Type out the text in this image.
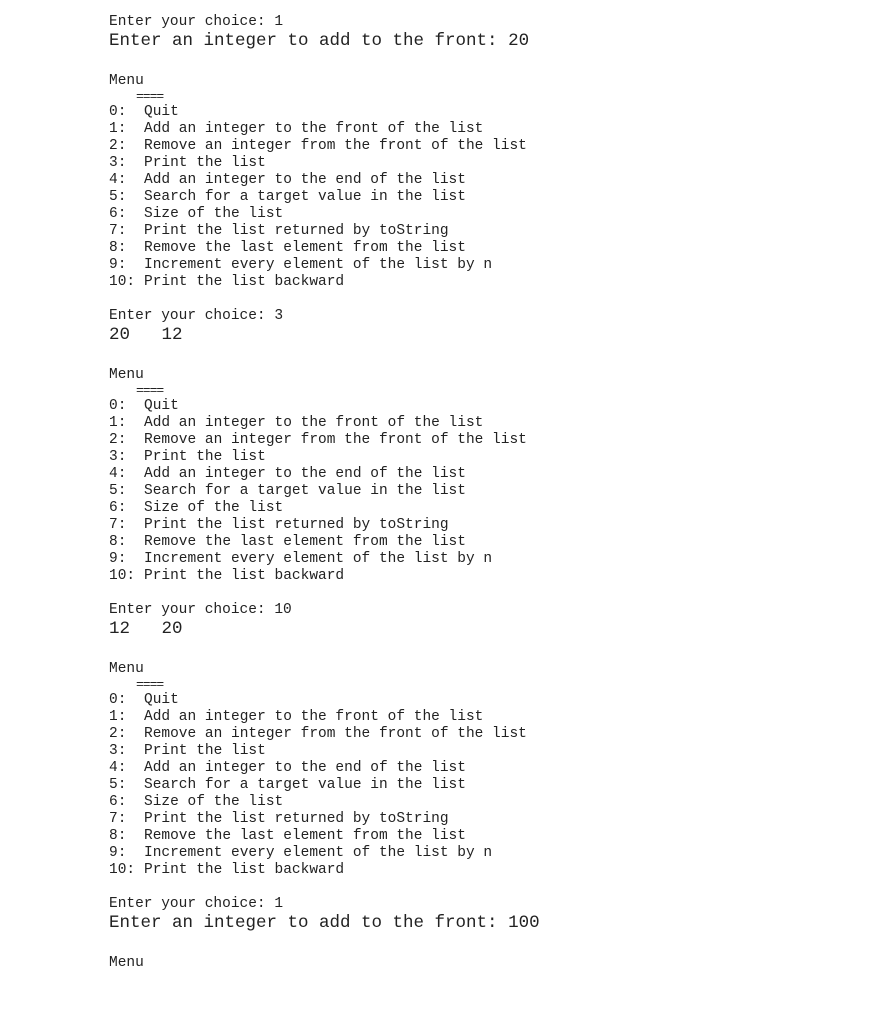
Enter your choice: 1
Enter an integer to add to the front: 20
Menu
====
0:	Quit
1:	Add an integer to the front of the list
2:	Remove an integer from the front of the list
3:	Print the list
4:	Add an integer to the end of the list
5:	Search for a target value in the list
6:	Size of the list
7:	Print the list returned by toString
8:	Remove the last element from the list
9:	Increment every element of the list by n
10: Print the list backward
Enter your choice: 3
20   12
Menu
====
0:	Quit
1:	Add an integer to the front of the list
2:	Remove an integer from the front of the list
3:	Print the list
4:	Add an integer to the end of the list
5:	Search for a target value in the list
6:	Size of the list
7:	Print the list returned by toString
8:	Remove the last element from the list
9:	Increment every element of the list by n
10: Print the list backward
Enter your choice: 10
12   20
Menu
====
0:	Quit
1:	Add an integer to the front of the list
2:	Remove an integer from the front of the list
3:	Print the list
4:	Add an integer to the end of the list
5:	Search for a target value in the list
6:	Size of the list
7:	Print the list returned by toString
8:	Remove the last element from the list
9:	Increment every element of the list by n
10: Print the list backward
Enter your choice: 1
Enter an integer to add to the front: 100
Menu
